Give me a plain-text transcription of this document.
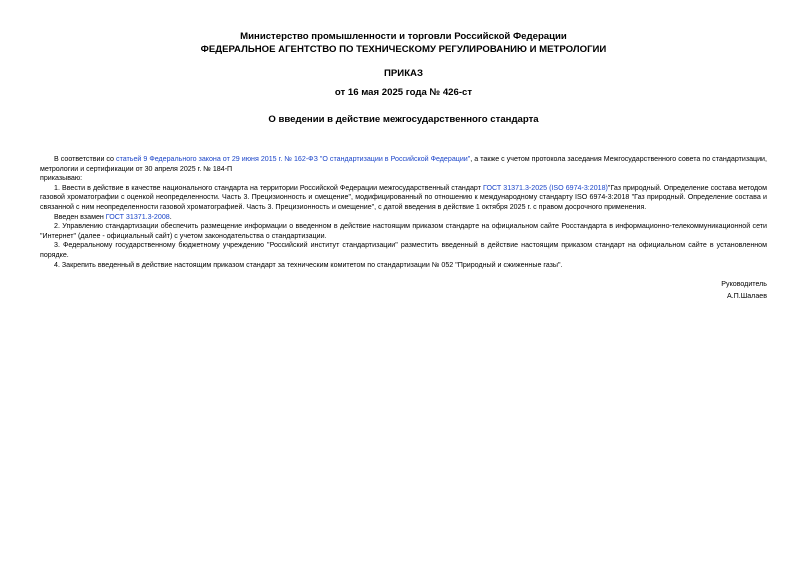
Министерство промышленности и торговли Российской Федерации
ФЕДЕРАЛЬНОЕ АГЕНТСТВО ПО ТЕХНИЧЕСКОМУ РЕГУЛИРОВАНИЮ И МЕТРОЛОГИИ
ПРИКАЗ
от 16 мая 2025 года № 426-ст
О введении в действие межгосударственного стандарта

В соответствии со статьей 9 Федерального закона от 29 июня 2015 г. № 162-ФЗ "О стандартизации в Российской Федерации", а также с учетом протокола заседания Межгосударственного совета по стандартизации, метрологии и сертификации от 30 апреля 2025 г. № 184-П

приказываю:

1. Ввести в действие в качестве национального стандарта на территории Российской Федерации межгосударственный стандарт ГОСТ 31371.3-2025 (ISO 6974-3:2018)"Газ природный. Определение состава методом газовой хроматографии с оценкой неопределенности. Часть 3. Прецизионность и смещение", модифицированный по отношению к международному стандарту ISO 6974-3:2018 "Газ природный. Определение состава и связанной с ним неопределенности газовой хроматографией. Часть 3. Прецизионность и смещение", с датой введения в действие 1 октября 2025 г. с правом досрочного применения.

Введен взамен ГОСТ 31371.3-2008.

2. Управлению стандартизации обеспечить размещение информации о введенном в действие настоящим приказом стандарте на официальном сайте Росстандарта в информационно-телекоммуникационной сети "Интернет" (далее - официальный сайт) с учетом законодательства о стандартизации.

3. Федеральному государственному бюджетному учреждению "Российский институт стандартизации" разместить введенный в действие настоящим приказом стандарт на официальном сайте в установленном порядке.

4. Закрепить введенный в действие настоящим приказом стандарт за техническим комитетом по стандартизации № 052 "Природный и сжиженные газы".

Руководитель
А.П.Шалаев
